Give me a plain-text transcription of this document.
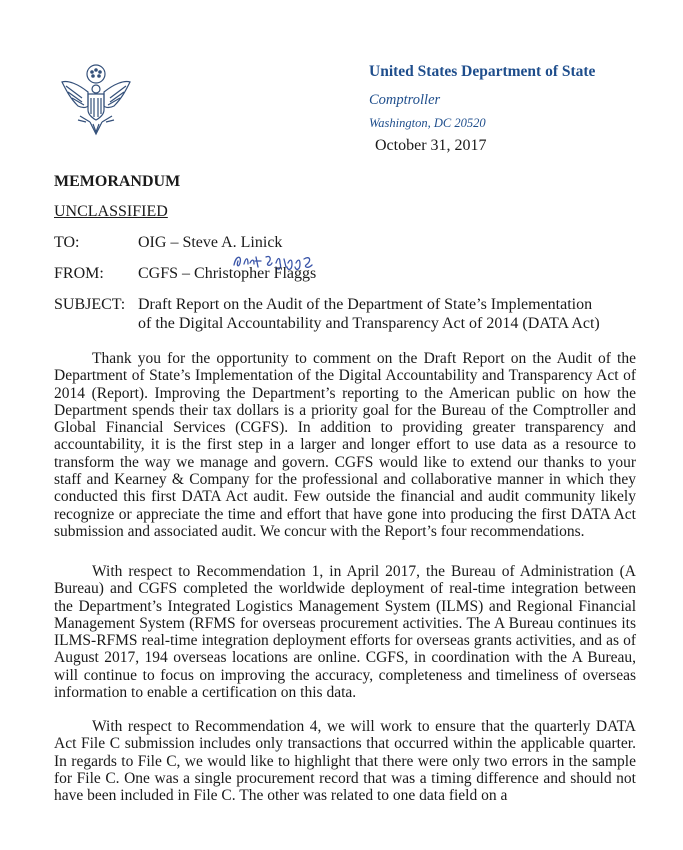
United States Department of State
Comptroller
Washington, DC 20520
October 31, 2017
MEMORANDUM
UNCLASSIFIED
TO:	OIG – Steve A. Linick
FROM:	CGFS – Christopher Flaggs
SUBJECT: Draft Report on the Audit of the Department of State’s Implementation of the Digital Accountability and Transparency Act of 2014 (DATA Act)

Thank you for the opportunity to comment on the Draft Report on the Audit of the Department of State’s Implementation of the Digital Accountability and Transparency Act of 2014 (Report). Improving the Department’s reporting to the American public on how the Department spends their tax dollars is a priority goal for the Bureau of the Comptroller and Global Financial Services (CGFS). In addition to providing greater transparency and accountability, it is the first step in a larger and longer effort to use data as a resource to transform the way we manage and govern. CGFS would like to extend our thanks to your staff and Kearney & Company for the professional and collaborative manner in which they conducted this first DATA Act audit. Few outside the financial and audit community likely recognize or appreciate the time and effort that have gone into producing the first DATA Act submission and associated audit. We concur with the Report’s four recommendations.

With respect to Recommendation 1, in April 2017, the Bureau of Administration (A Bureau) and CGFS completed the worldwide deployment of real-time integration between the Department’s Integrated Logistics Management System (ILMS) and Regional Financial Management System (RFMS for overseas procurement activities. The A Bureau continues its ILMS-RFMS real-time integration deployment efforts for overseas grants activities, and as of August 2017, 194 overseas locations are online. CGFS, in coordination with the A Bureau, will continue to focus on improving the accuracy, completeness and timeliness of overseas information to enable a certification on this data.

With respect to Recommendation 4, we will work to ensure that the quarterly DATA Act File C submission includes only transactions that occurred within the applicable quarter. In regards to File C, we would like to highlight that there were only two errors in the sample for File C. One was a single procurement record that was a timing difference and should not have been included in File C. The other was related to one data field on a
